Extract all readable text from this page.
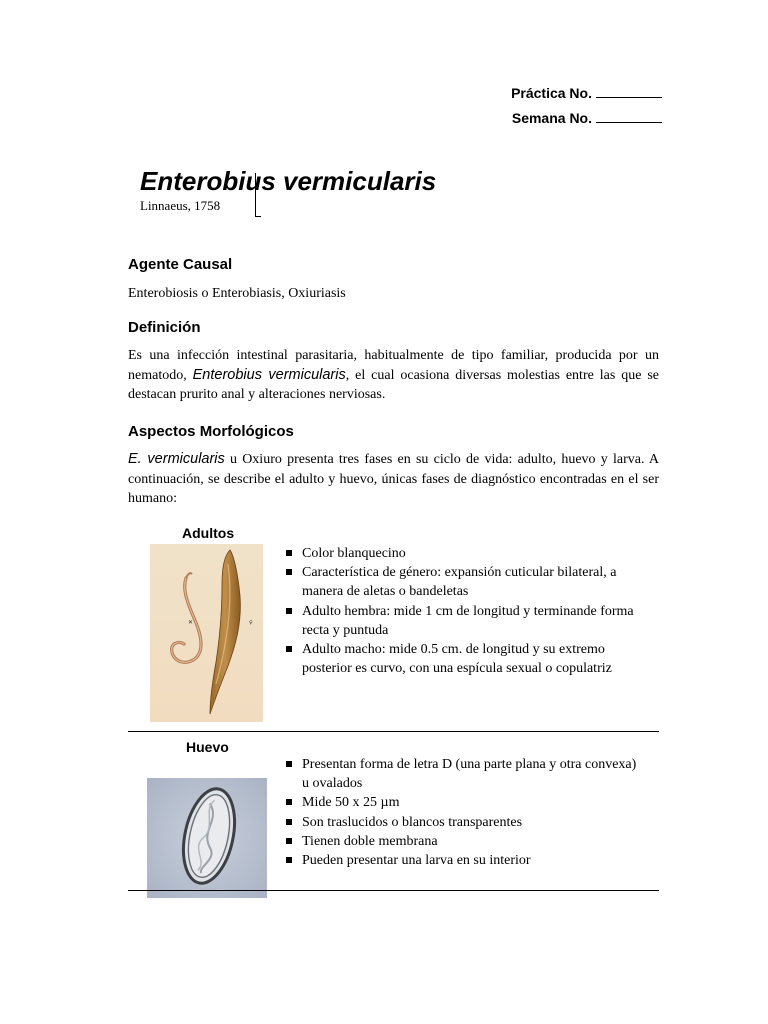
Práctica No.
Semana No.
Enterobius vermicularis
Linnaeus, 1758
Agente Causal
Enterobiosis o Enterobiasis, Oxiuriasis
Definición
Es una infección intestinal parasitaria, habitualmente de tipo familiar, producida por un nematodo, Enterobius vermicularis, el cual ocasiona diversas molestias entre las que se destacan prurito anal y alteraciones nerviosas.
Aspectos Morfológicos
E. vermicularis u Oxiuro presenta tres fases en su ciclo de vida: adulto, huevo y larva. A continuación, se describe el adulto y huevo, únicas fases de diagnóstico encontradas en el ser humano:
Adultos
✕	♀
Color blanquecino
Característica de género: expansión cuticular bilateral, a manera de aletas o bandeletas
Adulto hembra: mide 1 cm de longitud y terminande forma recta y puntuda
Adulto macho: mide 0.5 cm. de longitud y su extremo posterior es curvo, con una espícula sexual o copulatriz
Huevo
Presentan forma de letra D (una parte plana y otra convexa) u ovalados
Mide 50 x 25 µm
Son traslucidos o blancos transparentes
Tienen doble membrana
Pueden presentar una larva en su interior
